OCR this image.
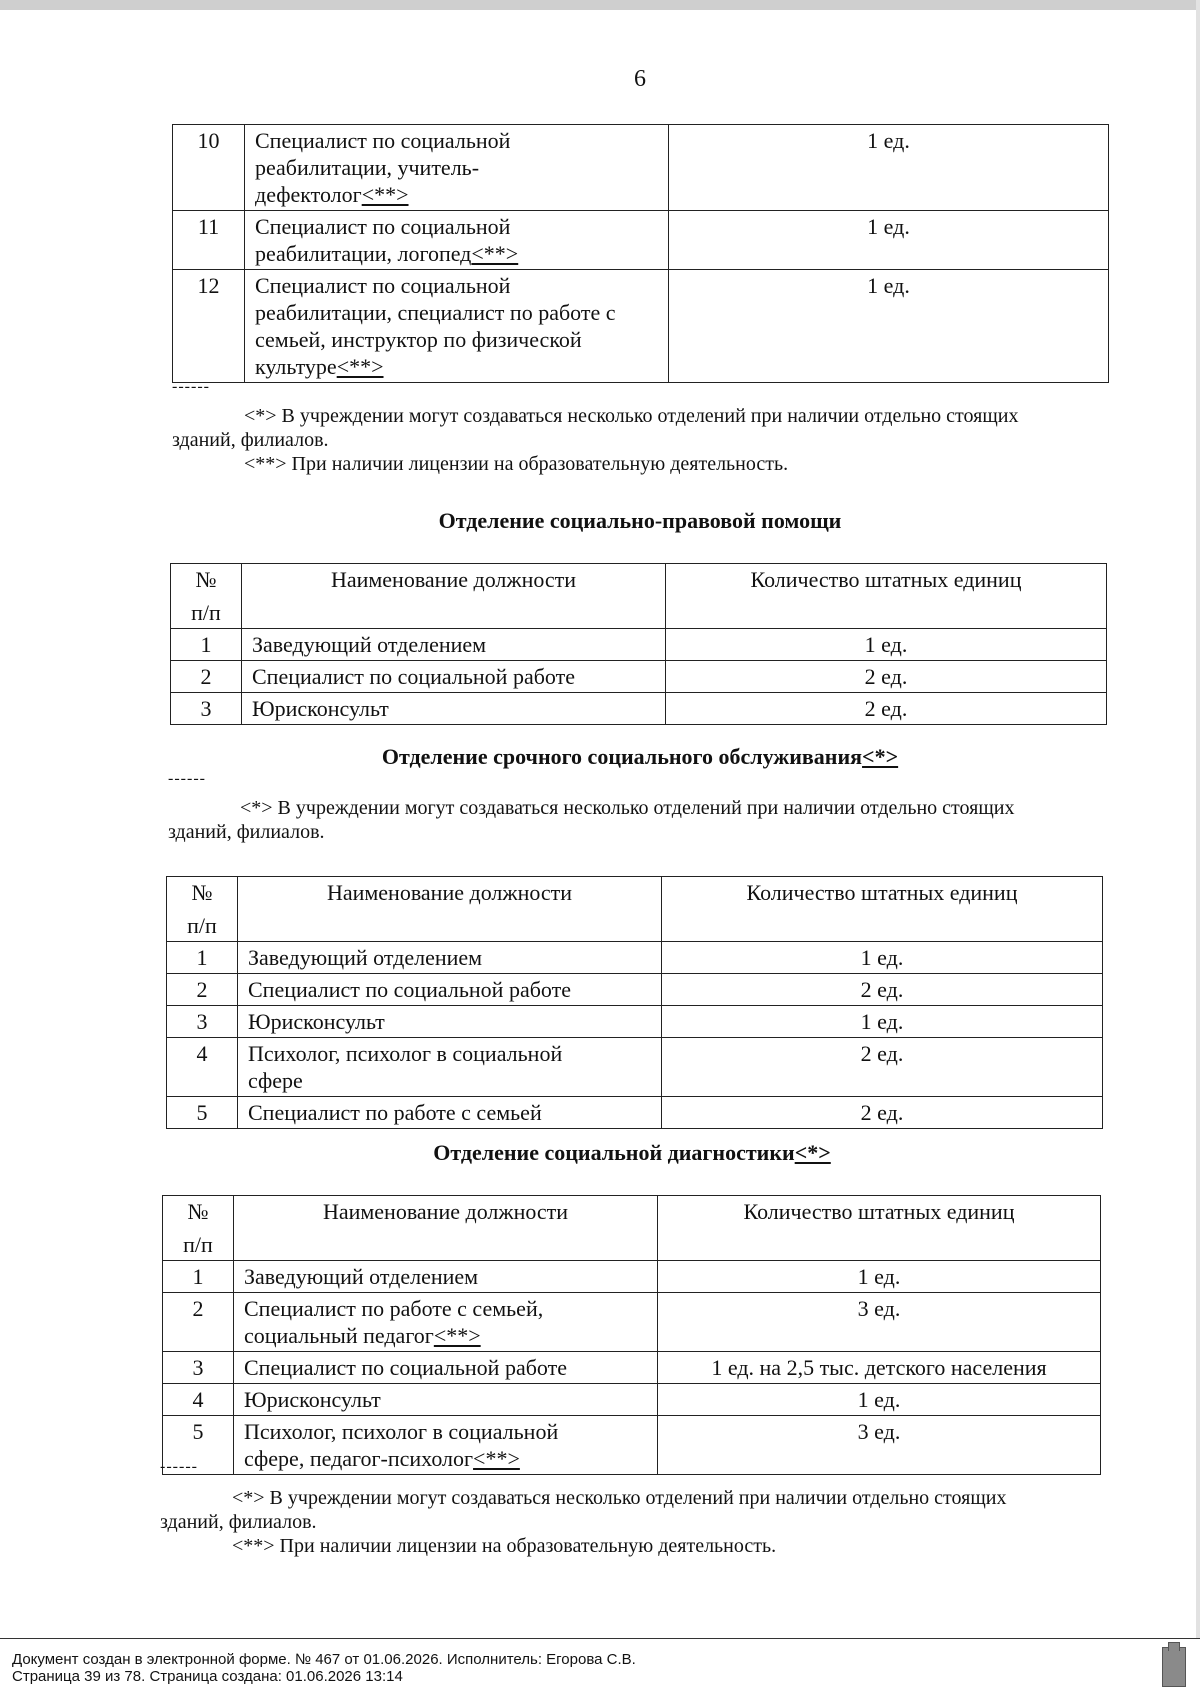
6
10	Специалист по социальной
реабилитации, учитель-
дефектолог<**>	1 ед.
11	Специалист по социальной
реабилитации, логопед<**>	1 ед.
12	Специалист по социальной
реабилитации, специалист по работе с
семьей, инструктор по физической
культуре<**>	1 ед.
------
<*> В учреждении могут создаваться несколько отделений при наличии отдельно стоящих
зданий, филиалов.
<**> При наличии лицензии на образовательную деятельность.
Отделение социально-правовой помощи
№
п/п	Наименование должности	Количество штатных единиц
1	Заведующий отделением	1 ед.
2	Специалист по социальной работе	2 ед.
3	Юрисконсульт	2 ед.
Отделение срочного социального обслуживания<*>
------
<*> В учреждении могут создаваться несколько отделений при наличии отдельно стоящих
зданий, филиалов.
№
п/п	Наименование должности	Количество штатных единиц
1	Заведующий отделением	1 ед.
2	Специалист по социальной работе	2 ед.
3	Юрисконсульт	1 ед.
4	Психолог, психолог в социальной
сфере	2 ед.
5	Специалист по работе с семьей	2 ед.
Отделение социальной диагностики<*>
№
п/п	Наименование должности	Количество штатных единиц
1	Заведующий отделением	1 ед.
2	Специалист по работе с семьей,
социальный педагог<**>	3 ед.
3	Специалист по социальной работе	1 ед. на 2,5 тыс. детского населения
4	Юрисконсульт	1 ед.
5	Психолог, психолог в социальной
сфере, педагог-психолог<**>	3 ед.
------
<*> В учреждении могут создаваться несколько отделений при наличии отдельно стоящих
зданий, филиалов.
<**> При наличии лицензии на образовательную деятельность.
Документ создан в электронной форме. № 467 от 01.06.2026. Исполнитель: Егорова С.В.
Страница 39 из 78. Страница создана: 01.06.2026 13:14
